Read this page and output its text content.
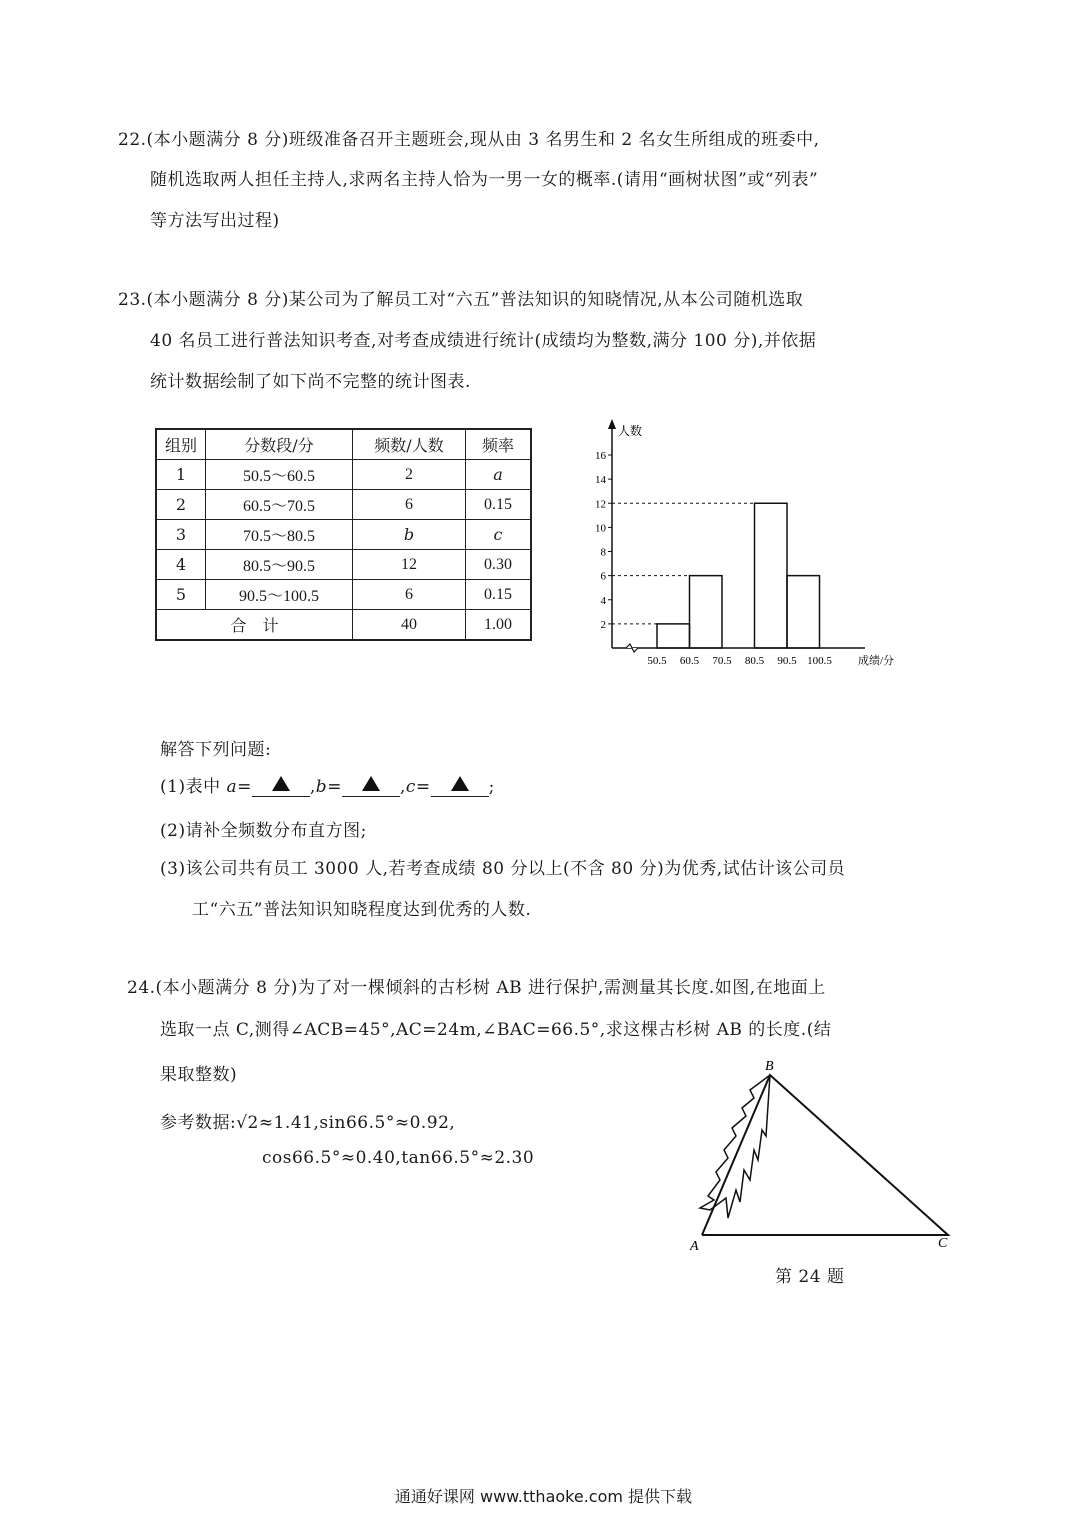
22.(本小题满分 8 分)班级准备召开主题班会,现从由 3 名男生和 2 名女生所组成的班委中,
随机选取两人担任主持人,求两名主持人恰为一男一女的概率.(请用“画树状图”或“列表”
等方法写出过程)
23.(本小题满分 8 分)某公司为了解员工对“六五”普法知识的知晓情况,从本公司随机选取
40 名员工进行普法知识考查,对考查成绩进行统计(成绩均为整数,满分 100 分),并依据
统计数据绘制了如下尚不完整的统计图表.
组别	分数段/分	频数/人数	频率
1	50.5～60.5	2	a
2	60.5～70.5	6	0.15
3	70.5～80.5	b	c
4	80.5～90.5	12	0.30
5	90.5～100.5	6	0.15
合　计		40	1.00	2
4
6
8
10
12
14
16
50.5 60.5 70.5 80.5 90.5 100.5
人数
成绩/分
解答下列问题:
(1)表中 a=	,b=	,c=	;
(2)请补全频数分布直方图;
(3)该公司共有员工 3000 人,若考查成绩 80 分以上(不含 80 分)为优秀,试估计该公司员
工“六五”普法知识知晓程度达到优秀的人数.
24.(本小题满分 8 分)为了对一棵倾斜的古杉树 AB 进行保护,需测量其长度.如图,在地面上
选取一点 C,测得∠ACB=45°,AC=24m,∠BAC=66.5°,求这棵古杉树 AB 的长度.(结
果取整数)
参考数据:√2≈1.41,sin66.5°≈0.92,
cos66.5°≈0.40,tan66.5°≈2.30
A
B
C
第 24 题
通通好课网 www.tthaoke.com 提供下载
